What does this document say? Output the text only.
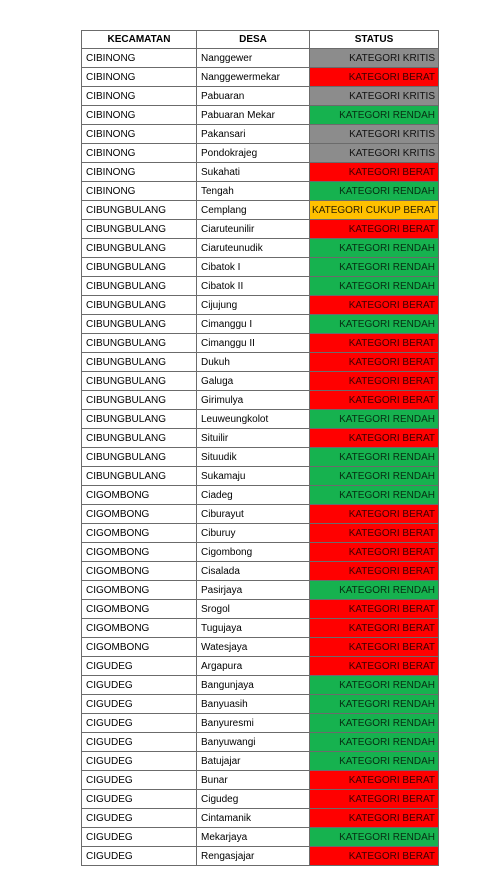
KECAMATAN	DESA	STATUS
CIBINONG	Nanggewer	KATEGORI KRITIS
CIBINONG	Nanggewermekar	KATEGORI BERAT
CIBINONG	Pabuaran	KATEGORI KRITIS
CIBINONG	Pabuaran Mekar	KATEGORI RENDAH
CIBINONG	Pakansari	KATEGORI KRITIS
CIBINONG	Pondokrajeg	KATEGORI KRITIS
CIBINONG	Sukahati	KATEGORI BERAT
CIBINONG	Tengah	KATEGORI RENDAH
CIBUNGBULANG	Cemplang	KATEGORI CUKUP BERAT
CIBUNGBULANG	Ciaruteunilir	KATEGORI BERAT
CIBUNGBULANG	Ciaruteunudik	KATEGORI RENDAH
CIBUNGBULANG	Cibatok I	KATEGORI RENDAH
CIBUNGBULANG	Cibatok II	KATEGORI RENDAH
CIBUNGBULANG	Cijujung	KATEGORI BERAT
CIBUNGBULANG	Cimanggu I	KATEGORI RENDAH
CIBUNGBULANG	Cimanggu II	KATEGORI BERAT
CIBUNGBULANG	Dukuh	KATEGORI BERAT
CIBUNGBULANG	Galuga	KATEGORI BERAT
CIBUNGBULANG	Girimulya	KATEGORI BERAT
CIBUNGBULANG	Leuweungkolot	KATEGORI RENDAH
CIBUNGBULANG	Situilir	KATEGORI BERAT
CIBUNGBULANG	Situudik	KATEGORI RENDAH
CIBUNGBULANG	Sukamaju	KATEGORI RENDAH
CIGOMBONG	Ciadeg	KATEGORI RENDAH
CIGOMBONG	Ciburayut	KATEGORI BERAT
CIGOMBONG	Ciburuy	KATEGORI BERAT
CIGOMBONG	Cigombong	KATEGORI BERAT
CIGOMBONG	Cisalada	KATEGORI BERAT
CIGOMBONG	Pasirjaya	KATEGORI RENDAH
CIGOMBONG	Srogol	KATEGORI BERAT
CIGOMBONG	Tugujaya	KATEGORI BERAT
CIGOMBONG	Watesjaya	KATEGORI BERAT
CIGUDEG	Argapura	KATEGORI BERAT
CIGUDEG	Bangunjaya	KATEGORI RENDAH
CIGUDEG	Banyuasih	KATEGORI RENDAH
CIGUDEG	Banyuresmi	KATEGORI RENDAH
CIGUDEG	Banyuwangi	KATEGORI RENDAH
CIGUDEG	Batujajar	KATEGORI RENDAH
CIGUDEG	Bunar	KATEGORI BERAT
CIGUDEG	Cigudeg	KATEGORI BERAT
CIGUDEG	Cintamanik	KATEGORI BERAT
CIGUDEG	Mekarjaya	KATEGORI RENDAH
CIGUDEG	Rengasjajar	KATEGORI BERAT
